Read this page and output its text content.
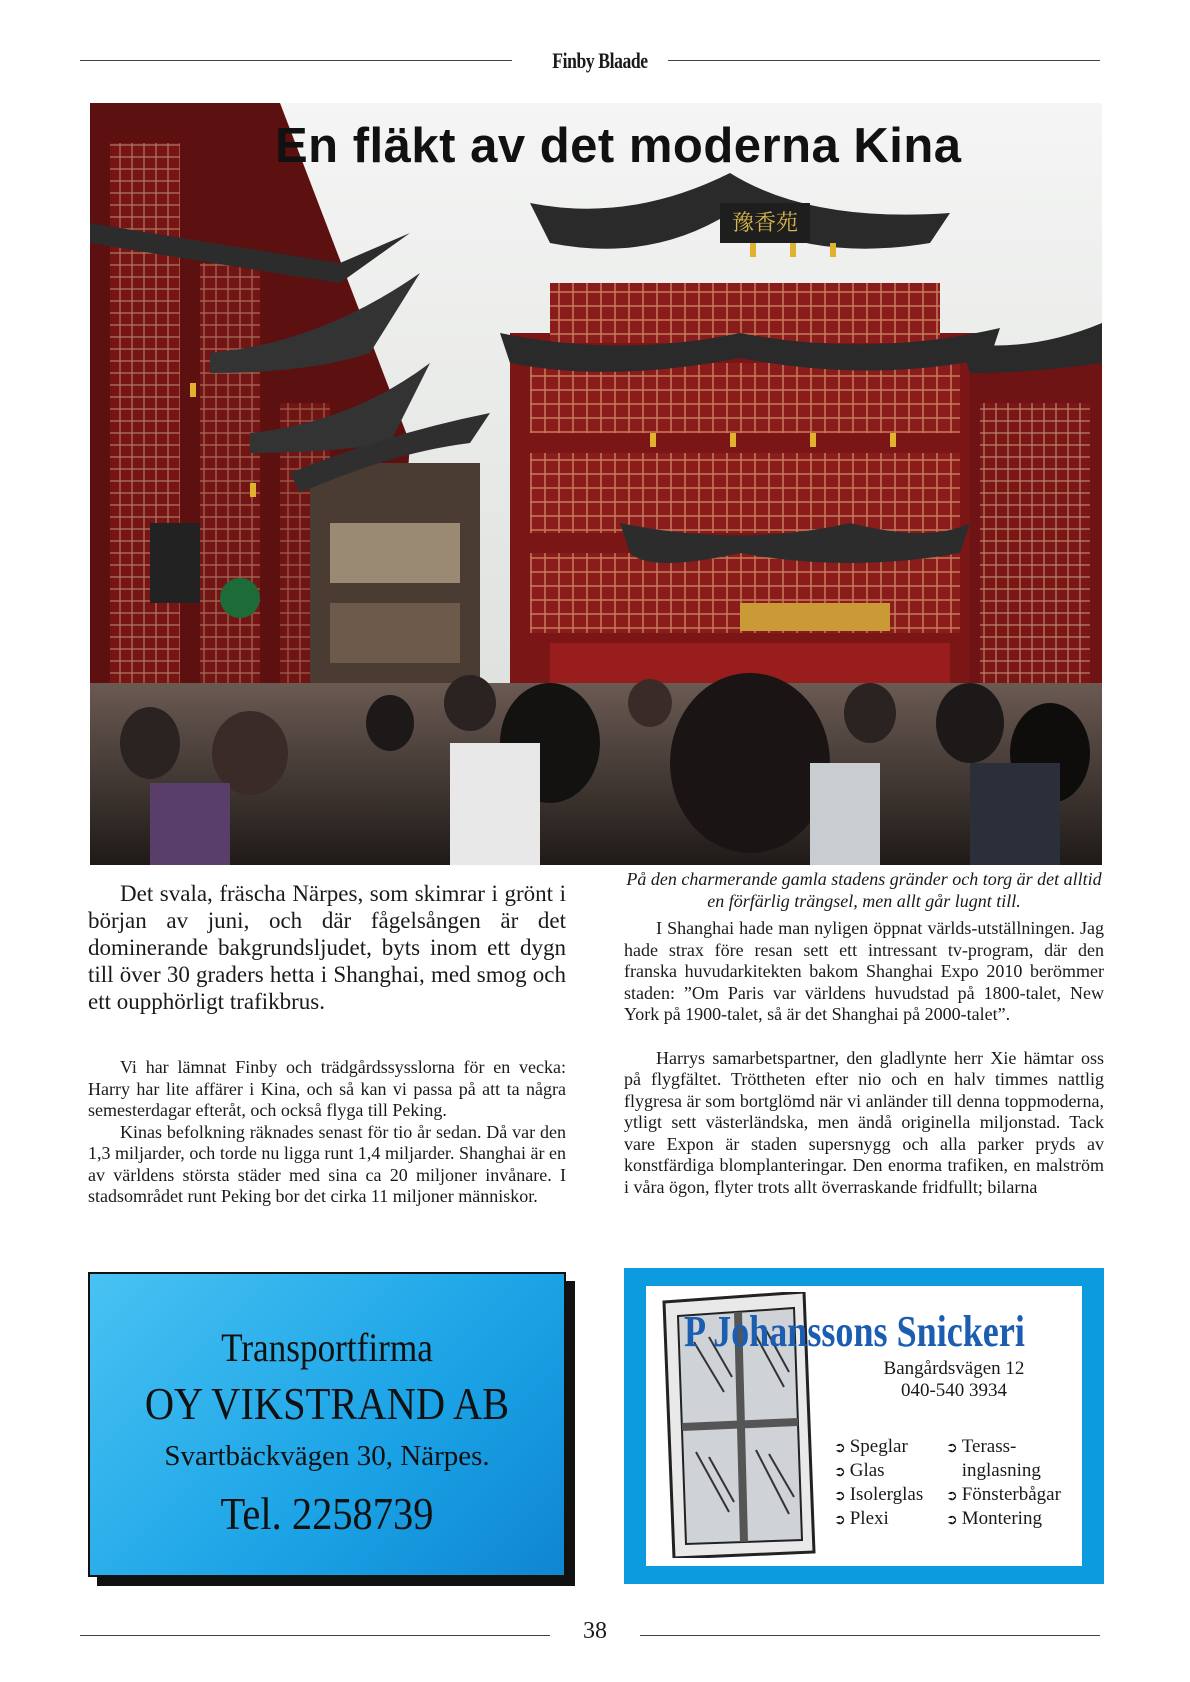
Finby Blaade
豫香苑
En fläkt av det moderna Kina
På den charmerande gamla stadens gränder och torg är det alltid en förfärlig trängsel, men allt går lugnt till.
Det svala, fräscha Närpes, som skimrar i grönt i början av juni, och där fågelsången är det dominerande bakgrundsljudet, byts inom ett dygn till över 30 graders hetta i Shanghai, med smog och ett oupphörligt trafikbrus.

Vi har lämnat Finby och trädgårdssysslorna för en vecka: Harry har lite affärer i Kina, och så kan vi passa på att ta några semesterdagar efteråt, och också flyga till Peking.

Kinas befolkning räknades senast för tio år sedan. Då var den 1,3 miljarder, och torde nu ligga runt 1,4 miljarder. Shanghai är en av världens största städer med sina ca 20 miljoner invånare. I stadsområdet runt Peking bor det cirka 11 miljoner människor.

I Shanghai hade man nyligen öppnat världs-utställningen. Jag hade strax före resan sett ett intressant tv-program, där den franska huvudarkitekten bakom Shanghai Expo 2010 berömmer staden: ”Om Paris var världens huvudstad på 1800-talet, New York på 1900-talet, så är det Shanghai på 2000-talet”.

Harrys samarbetspartner, den gladlynte herr Xie hämtar oss på flygfältet. Tröttheten efter nio och en halv timmes nattlig flygresa är som bortglömd när vi anländer till denna toppmoderna, ytligt sett västerländska, men ändå originella miljonstad. Tack vare Expon är staden supersnygg och alla parker pryds av konstfärdiga blomplanteringar. Den enorma trafiken, en malström i våra ögon, flyter trots allt överraskande fridfullt; bilarna

Transportfirma
OY VIKSTRAND AB
Svartbäckvägen 30, Närpes.
Tel. 2258739
P Johanssons Snickeri
Bangårdsvägen 12
040-540 3934
➲ Speglar
➲ Glas
➲ Isolerglas
➲ Plexi
➲ Terass-
inglasning
➲ Fönsterbågar
➲ Montering
38
